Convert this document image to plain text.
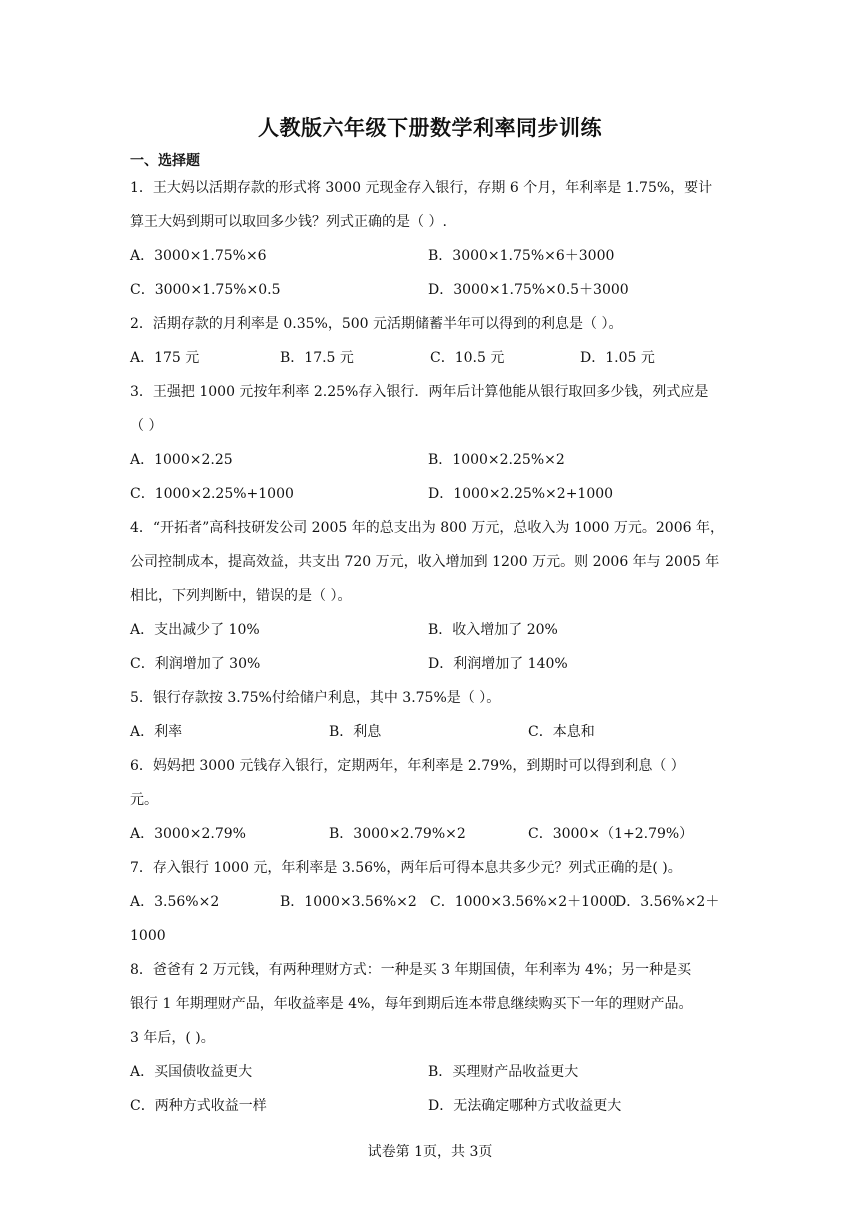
人教版六年级下册数学利率同步训练
一、选择题
1．王大妈以活期存款的形式将 3000 元现金存入银行，存期 6 个月，年利率是 1.75%，要计
算王大妈到期可以取回多少钱？列式正确的是（ ）.
A．3000×1.75%×6	B．3000×1.75%×6＋3000
C．3000×1.75%×0.5	D．3000×1.75%×0.5＋3000
2．活期存款的月利率是 0.35%，500 元活期储蓄半年可以得到的利息是（ ）。
A．175 元	B．17.5 元	C．10.5 元	D．1.05 元
3．王强把 1000 元按年利率 2.25%存入银行．两年后计算他能从银行取回多少钱，列式应是
（ ）
A．1000×2.25	B．1000×2.25%×2
C．1000×2.25%+1000	D．1000×2.25%×2+1000
4．“开拓者”高科技研发公司 2005 年的总支出为 800 万元，总收入为 1000 万元。2006 年，
公司控制成本，提高效益，共支出 720 万元，收入增加到 1200 万元。则 2006 年与 2005 年
相比，下列判断中，错误的是（ ）。
A．支出减少了 10%	B．收入增加了 20%
C．利润增加了 30%	D．利润增加了 140%
5．银行存款按 3.75%付给储户利息，其中 3.75%是（ ）。
A．利率	B．利息	C．本息和
6．妈妈把 3000 元钱存入银行，定期两年，年利率是 2.79%，到期时可以得到利息（ ）
元。
A．3000×2.79%	B．3000×2.79%×2	C．3000×（1+2.79%）
7．存入银行 1000 元，年利率是 3.56%，两年后可得本息共多少元？列式正确的是( )。
A．3.56%×2	B．1000×3.56%×2 C．1000×3.56%×2＋1000
D．3.56%×2＋
1000
8．爸爸有 2 万元钱，有两种理财方式：一种是买 3 年期国债，年利率为 4%；另一种是买
银行 1 年期理财产品，年收益率是 4%，每年到期后连本带息继续购买下一年的理财产品。
3 年后，( )。
A．买国债收益更大	B．买理财产品收益更大
C．两种方式收益一样	D．无法确定哪种方式收益更大
试卷第 1页，共 3页
